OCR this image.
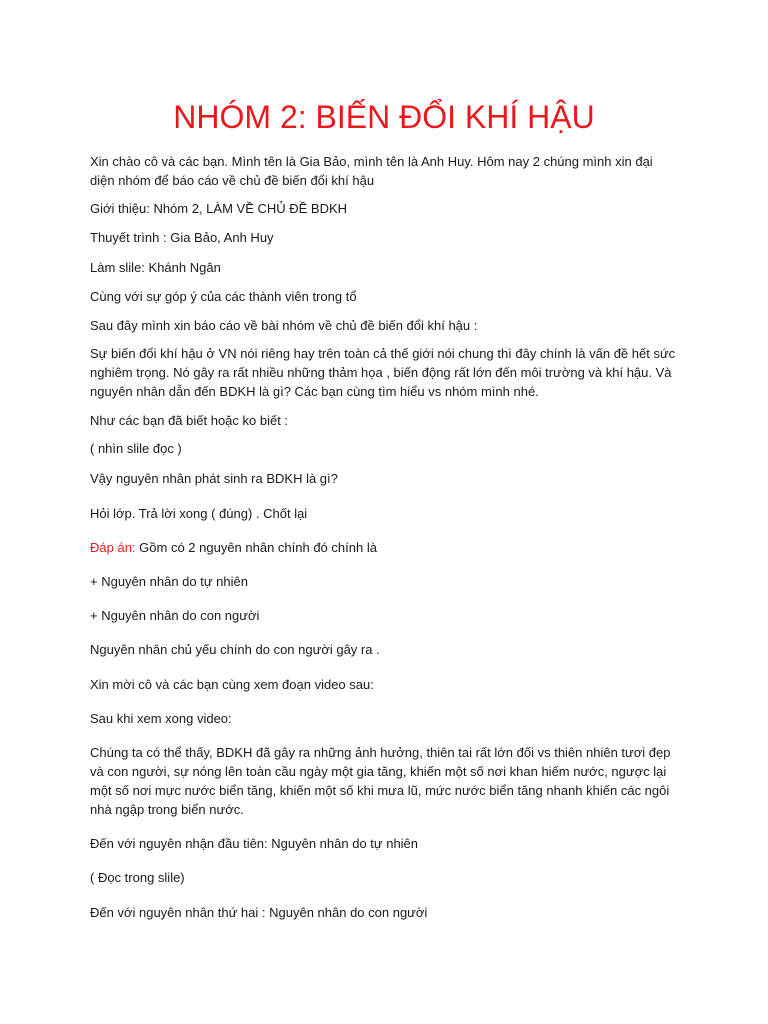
NHÓM 2: BIẾN ĐỔI KHÍ HẬU

Xin chào cô và các bạn. Mình tên là Gia Bảo, mình tên là Anh Huy. Hôm nay 2 chúng mình xin đại diện nhóm để báo cáo về chủ đề biến đổi khí hậu

Giới thiệu: Nhóm 2, LÀM VỀ CHỦ ĐỀ BDKH

Thuyết trình : Gia Bảo, Anh Huy

Làm slile: Khánh Ngân

Cùng với sự góp ý của các thành viên trong tổ

Sau đây mình xin báo cáo về bài nhóm về chủ đề biến đổi khí hậu :

Sự biến đổi khí hậu ở VN nói riêng hay trên toàn cả thế giới nói chung thì đây chính là vấn đề hết sức nghiêm trọng. Nó gây ra rất nhiều những thảm họa , biến động rất lớn đến môi trường và khí hậu. Và nguyên nhân dẫn đến BDKH là gì? Các bạn cùng tìm hiểu vs nhóm mình nhé.

Như các bạn đã biết hoặc ko biết :

( nhìn slile đọc )

Vậy nguyên nhân phát sinh ra BDKH là gì?

Hỏi lớp. Trả lời xong ( đúng) . Chốt lại

Đáp án: Gồm có 2 nguyên nhân chính đó chính là

+ Nguyên nhân do tự nhiên

+ Nguyên nhân do con người

Nguyên nhân chủ yếu chính do con người gây ra .

Xin mời cô và các bạn cùng xem đoạn video sau:

Sau khi xem xong video:

Chúng ta có thể thấy, BDKH đã gây ra những ảnh hưởng, thiên tai rất lớn đối vs thiên nhiên tươi đẹp và con người, sự nóng lên toàn cầu ngày một gia tăng, khiến một số nơi khan hiếm nước, ngược lại một số nơi mực nước biển tăng, khiến một số khi mưa lũ, mức nước biển tăng nhanh khiến các ngôi nhà ngập trong biển nước.

Đến với nguyên nhận đầu tiên: Nguyên nhân do tự nhiên

( Đọc trong slile)

Đến với nguyên nhân thứ hai : Nguyên nhân do con người
